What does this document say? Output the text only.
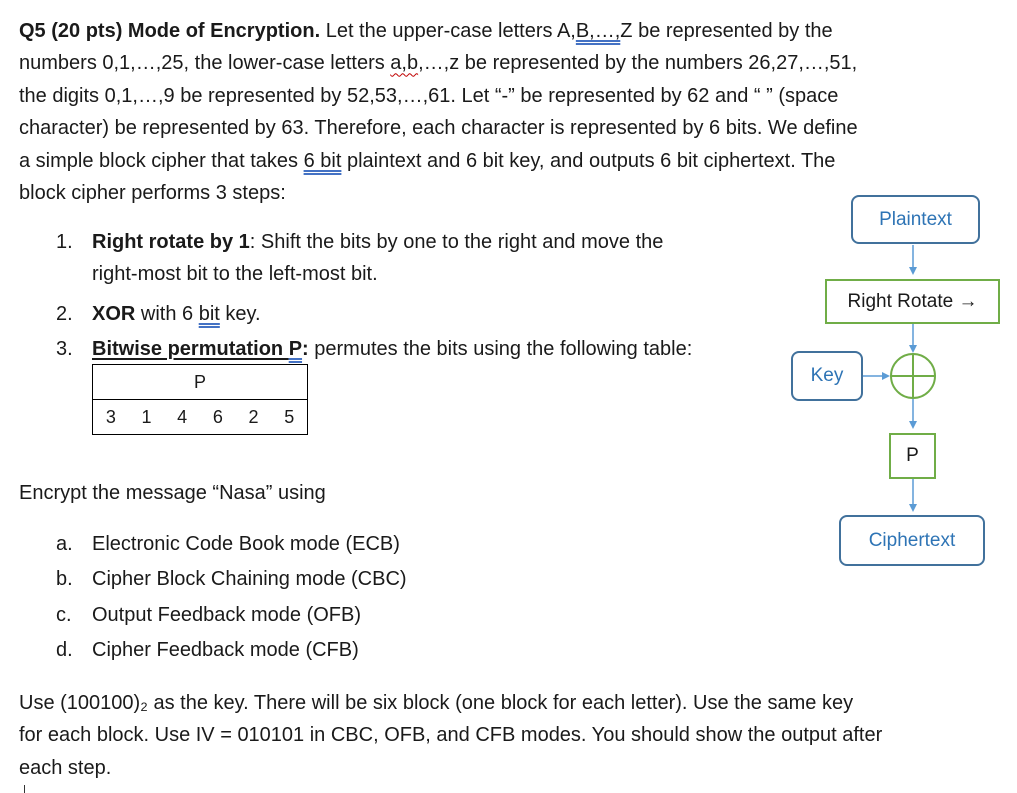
Q5 (20 pts) Mode of Encryption. Let the upper-case letters A,B,…,Z be represented by the

numbers 0,1,…,25, the lower-case letters a,b,…,z be represented by the numbers 26,27,…,51,

the digits 0,1,…,9 be represented by 52,53,…,61. Let “-” be represented by 62 and “ ” (space

character) be represented by 63. Therefore, each character is represented by 6 bits. We define

a simple block cipher that takes 6 bit plaintext and 6 bit key, and outputs 6 bit ciphertext. The

block cipher performs 3 steps:

1. Right rotate by 1: Shift the bits by one to the right and move the
right-most bit to the left-most bit.
2. XOR with 6 bit key.
3. Bitwise permutation P: permutes the bits using the following table:
P

3	1	4	6	2	5
Encrypt the message “Nasa” using
a. Electronic Code Book mode (ECB)
b. Cipher Block Chaining mode (CBC)
c.	Output Feedback mode (OFB)
d. Cipher Feedback mode (CFB)

Use (100100)₂ as the key. There will be six block (one block for each letter). Use the same key

for each block. Use IV = 010101 in CBC, OFB, and CFB modes. You should show the output after

each step.

Plaintext
Right Rotate →
Key
P
Ciphertext
